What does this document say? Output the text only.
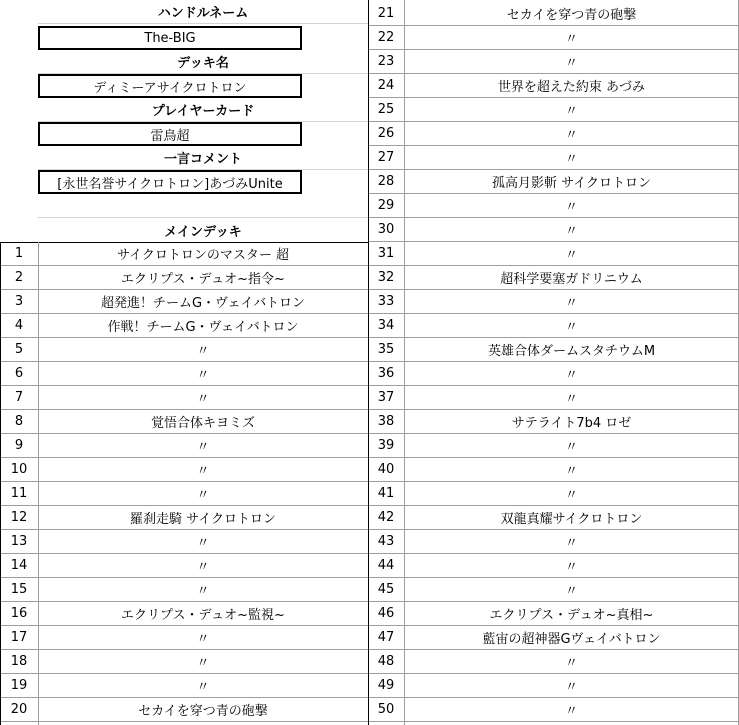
ハンドルネーム
The-BIG
デッキ名
ディミーアサイクロトロン
プレイヤーカード
雷鳥超
一言コメント
[永世名誉サイクロトロン]あづみUnite
メインデッキ
1	サイクロトロンのマスター 超
2	エクリプス・デュオ~指令~
3	超発進！チームG・ヴェイバトロン
4	作戦！チームG・ヴェイバトロン
5	〃
6	〃
7	〃
8	覚悟合体キヨミズ
9	〃
10	〃
11	〃
12	羅刹走騎 サイクロトロン
13	〃
14	〃
15	〃
16	エクリプス・デュオ~監視~
17	〃
18	〃
19	〃
20	セカイを穿つ青の砲撃
21	セカイを穿つ青の砲撃
22	〃
23	〃
24	世界を超えた約束 あづみ
25	〃
26	〃
27	〃
28	孤高月影斬 サイクロトロン
29	〃
30	〃
31	〃
32	超科学要塞ガドリニウム
33	〃
34	〃
35	英雄合体ダームスタチウムM
36	〃
37	〃
38	サテライト7b4 ロゼ
39	〃
40	〃
41	〃
42	双龍真耀サイクロトロン
43	〃
44	〃
45	〃
46	エクリプス・デュオ~真相~
47	藍宙の超神器Gヴェイバトロン
48	〃
49	〃
50	〃
